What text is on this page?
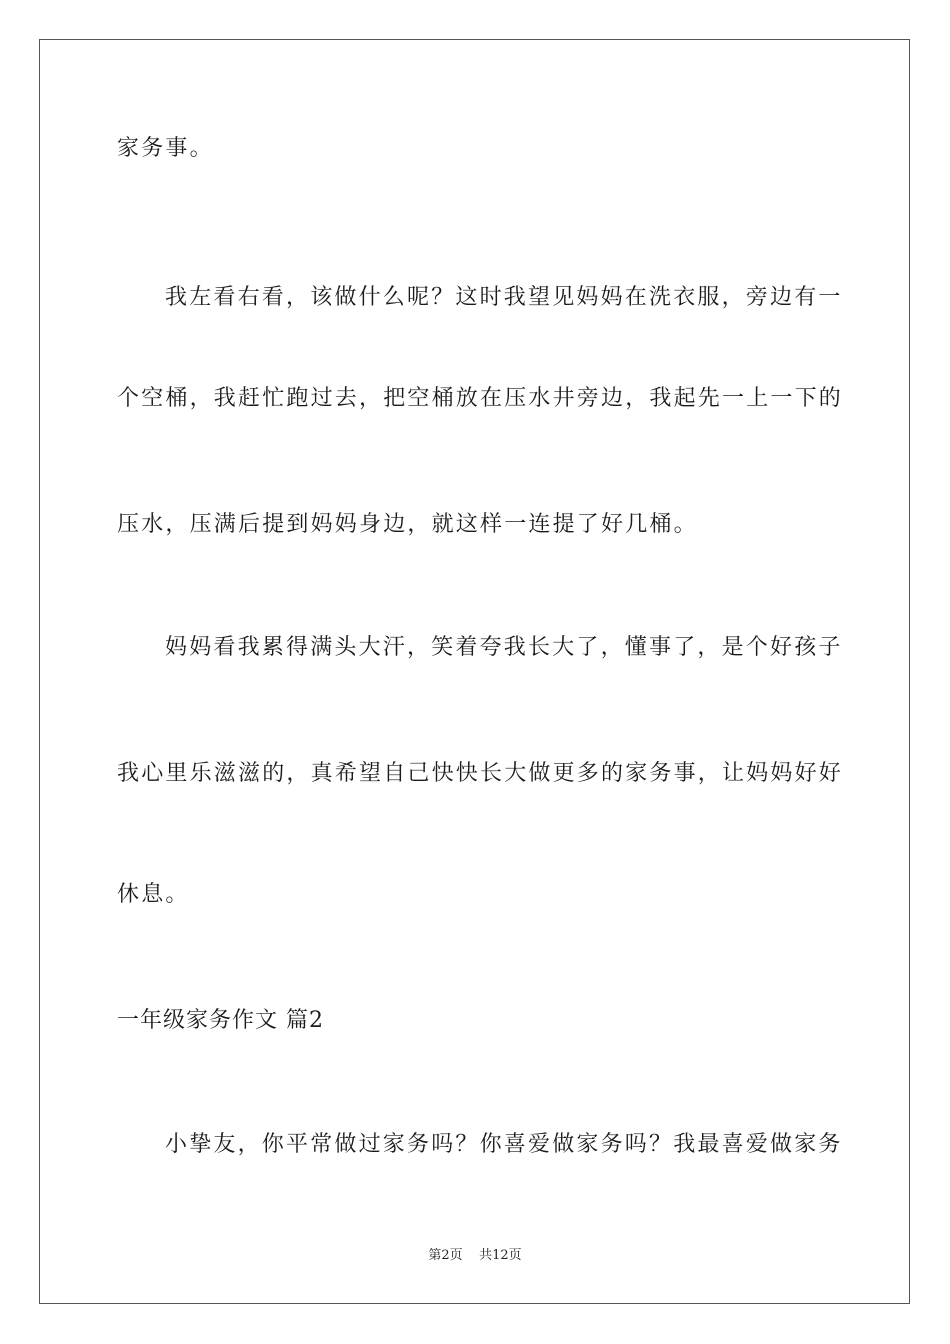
家务事。
我左看右看，该做什么呢？这时我望见妈妈在洗衣服，旁边有一
个空桶，我赶忙跑过去，把空桶放在压水井旁边，我起先一上一下的
压水，压满后提到妈妈身边，就这样一连提了好几桶。
妈妈看我累得满头大汗，笑着夸我长大了，懂事了，是个好孩子
我心里乐滋滋的，真希望自己快快长大做更多的家务事，让妈妈好好
休息。
一年级家务作文 篇2
小挚友，你平常做过家务吗？你喜爱做家务吗？我最喜爱做家务
第2页    共12页
